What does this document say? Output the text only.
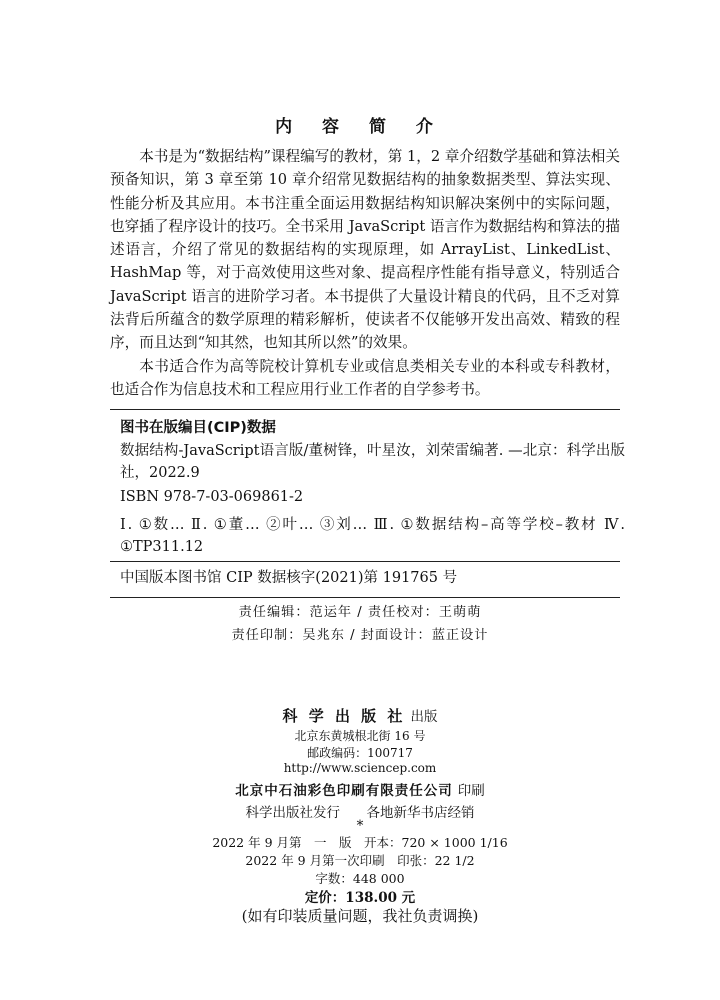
内 容 简 介

本书是为“数据结构”课程编写的教材，第 1，2 章介绍数学基础和算法相关预备知识，第 3 章至第 10 章介绍常见数据结构的抽象数据类型、算法实现、性能分析及其应用。本书注重全面运用数据结构知识解决案例中的实际问题，也穿插了程序设计的技巧。全书采用 JavaScript 语言作为数据结构和算法的描述语言，介绍了常见的数据结构的实现原理，如 ArrayList、LinkedList、HashMap 等，对于高效使用这些对象、提高程序性能有指导意义，特别适合 JavaScript 语言的进阶学习者。本书提供了大量设计精良的代码，且不乏对算法背后所蕴含的数学原理的精彩解析，使读者不仅能够开发出高效、精致的程序，而且达到“知其然，也知其所以然”的效果。

本书适合作为高等院校计算机专业或信息类相关专业的本科或专科教材，也适合作为信息技术和工程应用行业工作者的自学参考书。

图书在版编目(CIP)数据
数据结构-JavaScript语言版/董树锋，叶星汝，刘荣雷编著. —北京：科学出版社，2022.9
ISBN 978-7-03-069861-2
Ⅰ. ①数… Ⅱ. ①董… ②叶… ③刘… Ⅲ. ①数据结构–高等学校–教材 Ⅳ. ①TP311.12
中国版本图书馆 CIP 数据核字(2021)第 191765 号
责任编辑：范运年 / 责任校对：王萌萌
责任印制：吴兆东 / 封面设计：蓝正设计
科 学 出 版 社 出版
北京东黄城根北街 16 号
邮政编码：100717
http://www.sciencep.com
北京中石油彩色印刷有限责任公司 印刷
科学出版社发行 各地新华书店经销
*
2022 年 9 月第　一　版　开本：720 × 1000 1/16
2022 年 9 月第一次印刷　印张：22 1/2
字数：448 000
定价：138.00 元
(如有印装质量问题，我社负责调换)
